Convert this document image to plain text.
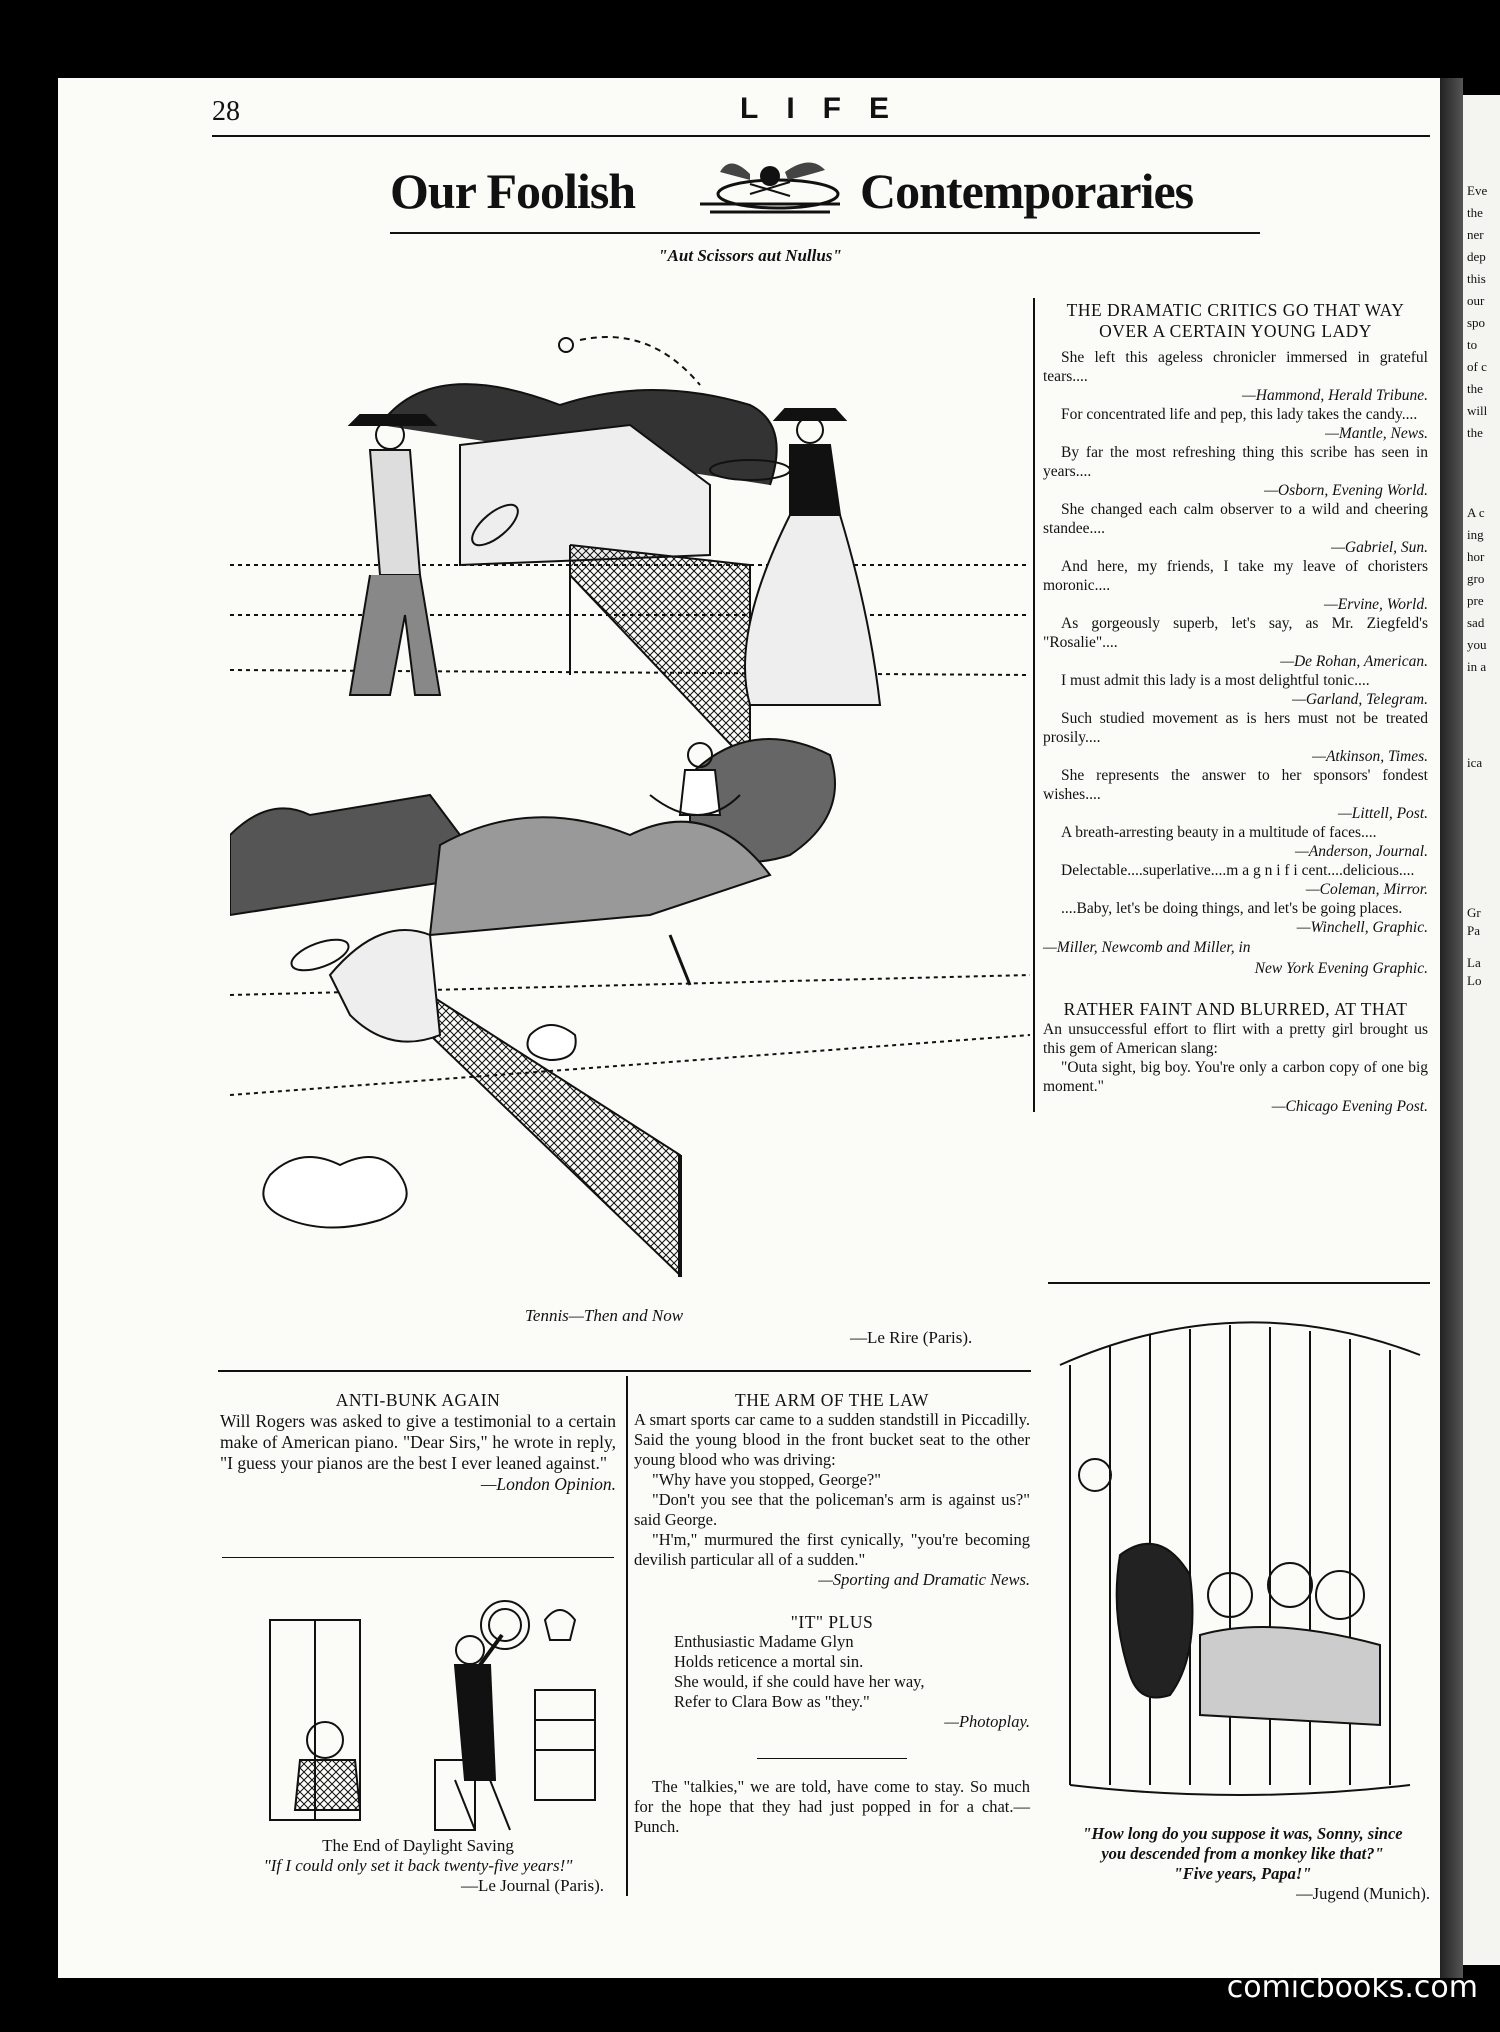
Eve
the
ner
dep
this
our
spo
to
of c
the
will
the
A c
ing
hor
gro
pre
sad
you
in a
ica
Gr
Pa
La
Lo
28	LIFE
Our Foolish	Contemporaries
"Aut Scissors aut Nullus"
Tennis—Then and Now
—Le Rire (Paris).
THE DRAMATIC CRITICS GO THAT WAY
OVER A CERTAIN YOUNG LADY

She left this ageless chronicler immersed in grateful tears....

—Hammond, Herald Tribune.

For concentrated life and pep, this lady takes the candy....

—Mantle, News.

By far the most refreshing thing this scribe has seen in years....

—Osborn, Evening World.

She changed each calm observer to a wild and cheering standee....

—Gabriel, Sun.

And here, my friends, I take my leave of choristers moronic....

—Ervine, World.

As gorgeously superb, let's say, as Mr. Ziegfeld's "Rosalie"....

—De Rohan, American.

I must admit this lady is a most delightful tonic....

—Garland, Telegram.

Such studied movement as is hers must not be treated prosily....

—Atkinson, Times.

She represents the answer to her sponsors' fondest wishes....

—Littell, Post.

A breath-arresting beauty in a multitude of faces....

—Anderson, Journal.

Delectable....superlative....m a g n i f i cent....delicious....

—Coleman, Mirror.

....Baby, let's be doing things, and let's be going places.

—Winchell, Graphic.

—Miller, Newcomb and Miller, in

New York Evening Graphic.

RATHER FAINT AND BLURRED, AT THAT

An unsuccessful effort to flirt with a pretty girl brought us this gem of American slang:

"Outa sight, big boy. You're only a carbon copy of one big moment."

—Chicago Evening Post.

"How long do you suppose it was, Sonny, since
you descended from a monkey like that?"
"Five years, Papa!"
—Jugend (Munich).
ANTI-BUNK AGAIN

Will Rogers was asked to give a testimonial to a certain make of American piano. "Dear Sirs," he wrote in reply, "I guess your pianos are the best I ever leaned against."

—London Opinion.

The End of Daylight Saving
"If I could only set it back twenty-five years!"
—Le Journal (Paris).
THE ARM OF THE LAW

A smart sports car came to a sudden standstill in Piccadilly. Said the young blood in the front bucket seat to the other young blood who was driving:

"Why have you stopped, George?"

"Don't you see that the policeman's arm is against us?" said George.

"H'm," murmured the first cynically, "you're becoming devilish particular all of a sudden."

—Sporting and Dramatic News.

"IT" PLUS
Enthusiastic Madame Glyn
Holds reticence a mortal sin.
She would, if she could have her way,
Refer to Clara Bow as "they."

—Photoplay.

The "talkies," we are told, have come to stay. So much for the hope that they had just popped in for a chat.—Punch.

comicbooks.com
